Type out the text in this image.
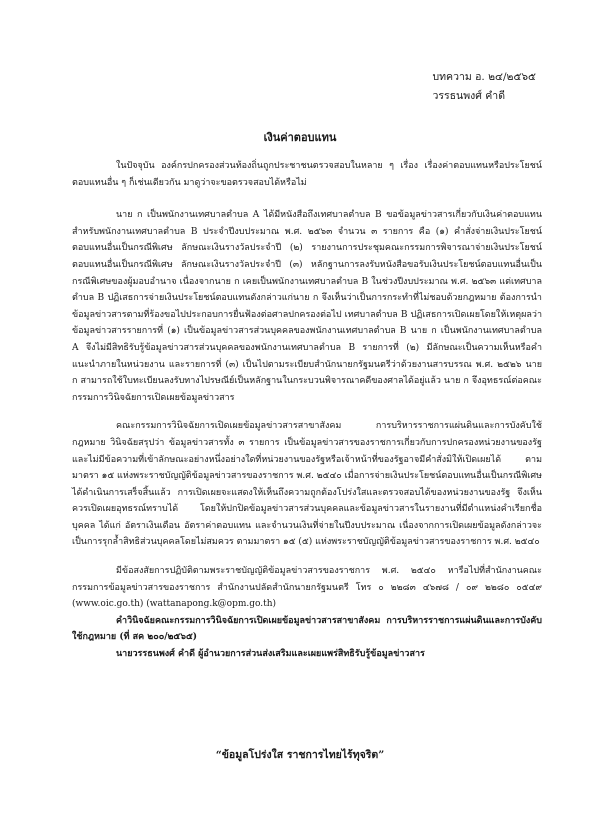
บทความ อ. ๒๔/๒๕๖๕
วรรธนพงศ์ คำดี
เงินค่าตอบแทน

ในปัจจุบัน องค์กรปกครองส่วนท้องถิ่นถูกประชาชนตรวจสอบในหลาย ๆ เรื่อง เรื่องค่าตอบแทนหรือประโยชน์ตอบแทนอื่น ๆ ก็เช่นเดียวกัน มาดูว่าจะขอตรวจสอบได้หรือไม่

นาย ก เป็นพนักงานเทศบาลตำบล A ได้มีหนังสือถึงเทศบาลตำบล B ขอข้อมูลข่าวสารเกี่ยวกับเงินค่าตอบแทน สำหรับพนักงานเทศบาลตำบล B ประจำปีงบประมาณ พ.ศ. ๒๕๖๓ จำนวน ๓ รายการ คือ (๑) คำสั่งจ่ายเงินประโยชน์ตอบแทนอื่นเป็นกรณีพิเศษ ลักษณะเงินรางวัลประจำปี (๒) รายงานการประชุมคณะกรรมการพิจารณาจ่ายเงินประโยชน์ตอบแทนอื่นเป็นกรณีพิเศษ ลักษณะเงินรางวัลประจำปี (๓) หลักฐานการลงรับหนังสือขอรับเงินประโยชน์ตอบแทนอื่นเป็นกรณีพิเศษของผู้มอบอำนาจ เนื่องจากนาย ก เคยเป็นพนักงานเทศบาลตำบล B ในช่วงปีงบประมาณ พ.ศ. ๒๕๖๓ แต่เทศบาลตำบล B ปฏิเสธการจ่ายเงินประโยชน์ตอบแทนดังกล่าวแก่นาย ก จึงเห็นว่าเป็นการกระทำที่ไม่ชอบด้วยกฎหมาย ต้องการนำข้อมูลข่าวสารตามที่ร้องขอไปประกอบการยื่นฟ้องต่อศาลปกครองต่อไป เทศบาลตำบล B ปฏิเสธการเปิดเผยโดยให้เหตุผลว่า ข้อมูลข่าวสารรายการที่ (๑) เป็นข้อมูลข่าวสารส่วนบุคคลของพนักงานเทศบาลตำบล B นาย ก เป็นพนักงานเทศบาลตำบล A จึงไม่มีสิทธิรับรู้ข้อมูลข่าวสารส่วนบุคคลของพนักงานเทศบาลตำบล B รายการที่ (๒) มีลักษณะเป็นความเห็นหรือคำแนะนำภายในหน่วยงาน และรายการที่ (๓) เป็นไปตามระเบียบสำนักนายกรัฐมนตรีว่าด้วยงานสารบรรณ พ.ศ. ๒๕๒๖ นาย ก สามารถใช้ใบทะเบียนลงรับทางไปรษณีย์เป็นหลักฐานในกระบวนพิจารณาคดีของศาลได้อยู่แล้ว นาย ก จึงอุทธรณ์ต่อคณะกรรมการวินิจฉัยการเปิดเผยข้อมูลข่าวสาร

คณะกรรมการวินิจฉัยการเปิดเผยข้อมูลข่าวสารสาขาสังคม การบริหารราชการแผ่นดินและการบังคับใช้กฎหมาย วินิจฉัยสรุปว่า ข้อมูลข่าวสารทั้ง ๓ รายการ เป็นข้อมูลข่าวสารของราชการเกี่ยวกับการปกครองหน่วยงานของรัฐ และไม่มีข้อความที่เข้าลักษณะอย่างหนึ่งอย่างใดที่หน่วยงานของรัฐหรือเจ้าหน้าที่ของรัฐอาจมีคำสั่งมิให้เปิดเผยได้ ตามมาตรา ๑๕ แห่งพระราชบัญญัติข้อมูลข่าวสารของราชการ พ.ศ. ๒๕๔๐ เมื่อการจ่ายเงินประโยชน์ตอบแทนอื่นเป็นกรณีพิเศษได้ดำเนินการเสร็จสิ้นแล้ว การเปิดเผยจะแสดงให้เห็นถึงความถูกต้องโปร่งใสและตรวจสอบได้ของหน่วยงานของรัฐ จึงเห็นควรเปิดเผยอุทธรณ์ทราบได้ โดยให้ปกปิดข้อมูลข่าวสารส่วนบุคคลและข้อมูลข่าวสารในรายงานที่มีตำแหน่งคำเรียกชื่อบุคคล ได้แก่ อัตราเงินเดือน อัตราค่าตอบแทน และจำนวนเงินที่จ่ายในปีงบประมาณ เนื่องจากการเปิดเผยข้อมูลดังกล่าวจะเป็นการรุกล้ำสิทธิส่วนบุคคลโดยไม่สมควร ตามมาตรา ๑๕ (๕) แห่งพระราชบัญญัติข้อมูลข่าวสารของราชการ พ.ศ. ๒๕๔๐

มีข้อสงสัยการปฏิบัติตามพระราชบัญญัติข้อมูลข่าวสารของราชการ พ.ศ. ๒๕๔๐ หารือไปที่สำนักงานคณะกรรมการข้อมูลข่าวสารของราชการ สำนักงานปลัดสำนักนายกรัฐมนตรี โทร ๐ ๒๒๘๓ ๔๖๗๘ / ๐๙ ๒๒๘๐ ๐๕๔๙ (www.oic.go.th) (wattanapong.k@opm.go.th)

คำวินิจฉัยคณะกรรมการวินิจฉัยการเปิดเผยข้อมูลข่าวสารสาขาสังคม การบริหารราชการแผ่นดินและการบังคับใช้กฎหมาย (ที่ สค ๒๐๐/๒๕๖๕)

นายวรรธนพงศ์ คำดี ผู้อำนวยการส่วนส่งเสริมและเผยแพร่สิทธิรับรู้ข้อมูลข่าวสาร

“ข้อมูลโปร่งใส ราชการไทยไร้ทุจริต”
